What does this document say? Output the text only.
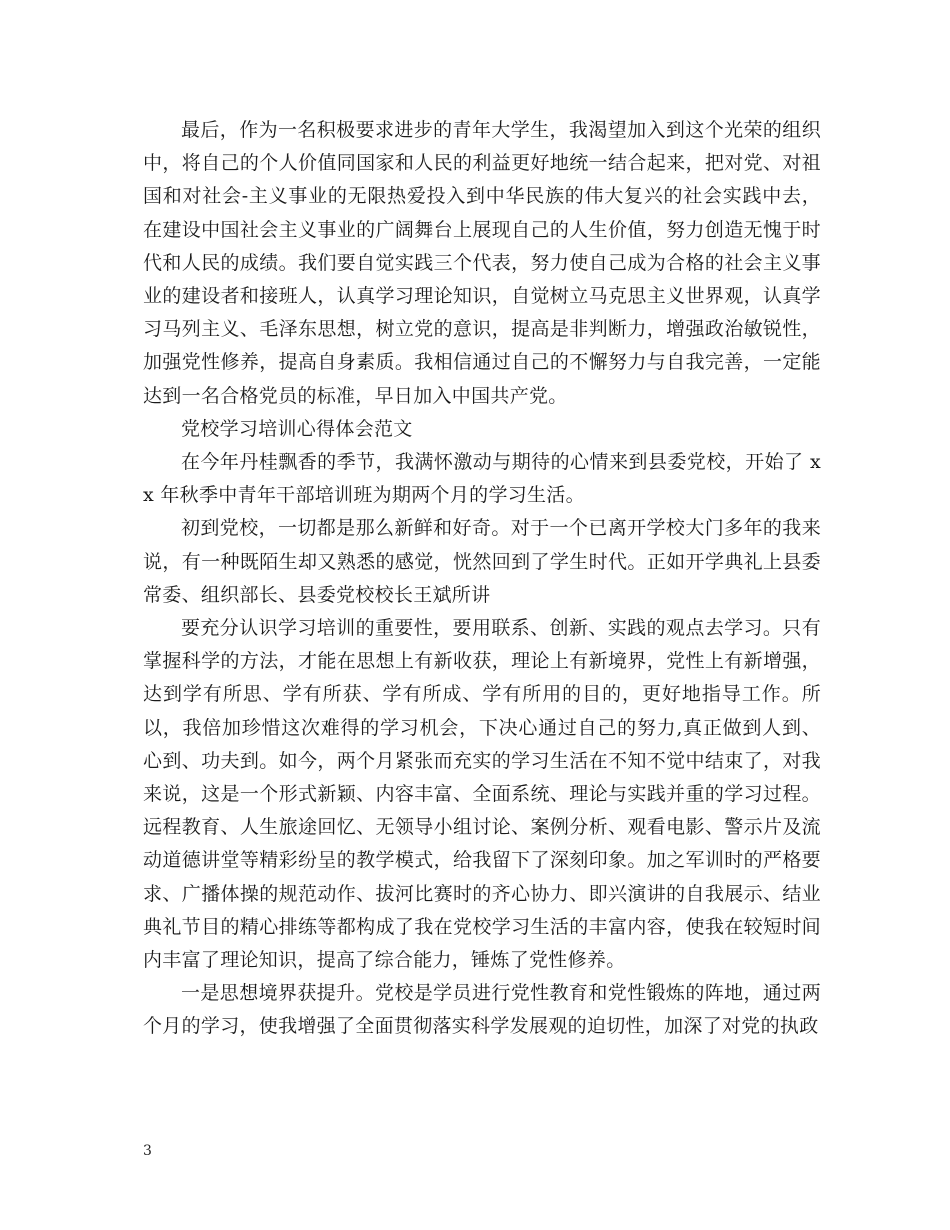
最后，作为一名积极要求进步的青年大学生，我渴望加入到这个光荣的组织中，将自己的个人价值同国家和人民的利益更好地统一结合起来，把对党、对祖国和对社会-主义事业的无限热爱投入到中华民族的伟大复兴的社会实践中去，在建设中国社会主义事业的广阔舞台上展现自己的人生价值，努力创造无愧于时代和人民的成绩。我们要自觉实践三个代表，努力使自己成为合格的社会主义事业的建设者和接班人，认真学习理论知识，自觉树立马克思主义世界观，认真学习马列主义、毛泽东思想，树立党的意识，提高是非判断力，增强政治敏锐性，加强党性修养，提高自身素质。我相信通过自己的不懈努力与自我完善，一定能达到一名合格党员的标准，早日加入中国共产党。

党校学习培训心得体会范文

在今年丹桂飘香的季节，我满怀激动与期待的心情来到县委党校，开始了 xx 年秋季中青年干部培训班为期两个月的学习生活。

初到党校，一切都是那么新鲜和好奇。对于一个已离开学校大门多年的我来说，有一种既陌生却又熟悉的感觉，恍然回到了学生时代。正如开学典礼上县委常委、组织部长、县委党校校长王斌所讲

要充分认识学习培训的重要性，要用联系、创新、实践的观点去学习。只有掌握科学的方法，才能在思想上有新收获，理论上有新境界，党性上有新增强，达到学有所思、学有所获、学有所成、学有所用的目的，更好地指导工作。所以，我倍加珍惜这次难得的学习机会，下决心通过自己的努力,真正做到人到、心到、功夫到。如今，两个月紧张而充实的学习生活在不知不觉中结束了，对我来说，这是一个形式新颖、内容丰富、全面系统、理论与实践并重的学习过程。远程教育、人生旅途回忆、无领导小组讨论、案例分析、观看电影、警示片及流动道德讲堂等精彩纷呈的教学模式，给我留下了深刻印象。加之军训时的严格要求、广播体操的规范动作、拔河比赛时的齐心协力、即兴演讲的自我展示、结业典礼节目的精心排练等都构成了我在党校学习生活的丰富内容，使我在较短时间内丰富了理论知识，提高了综合能力，锤炼了党性修养。

一是思想境界获提升。党校是学员进行党性教育和党性锻炼的阵地，通过两个月的学习，使我增强了全面贯彻落实科学发展观的迫切性，加深了对党的执政

3
